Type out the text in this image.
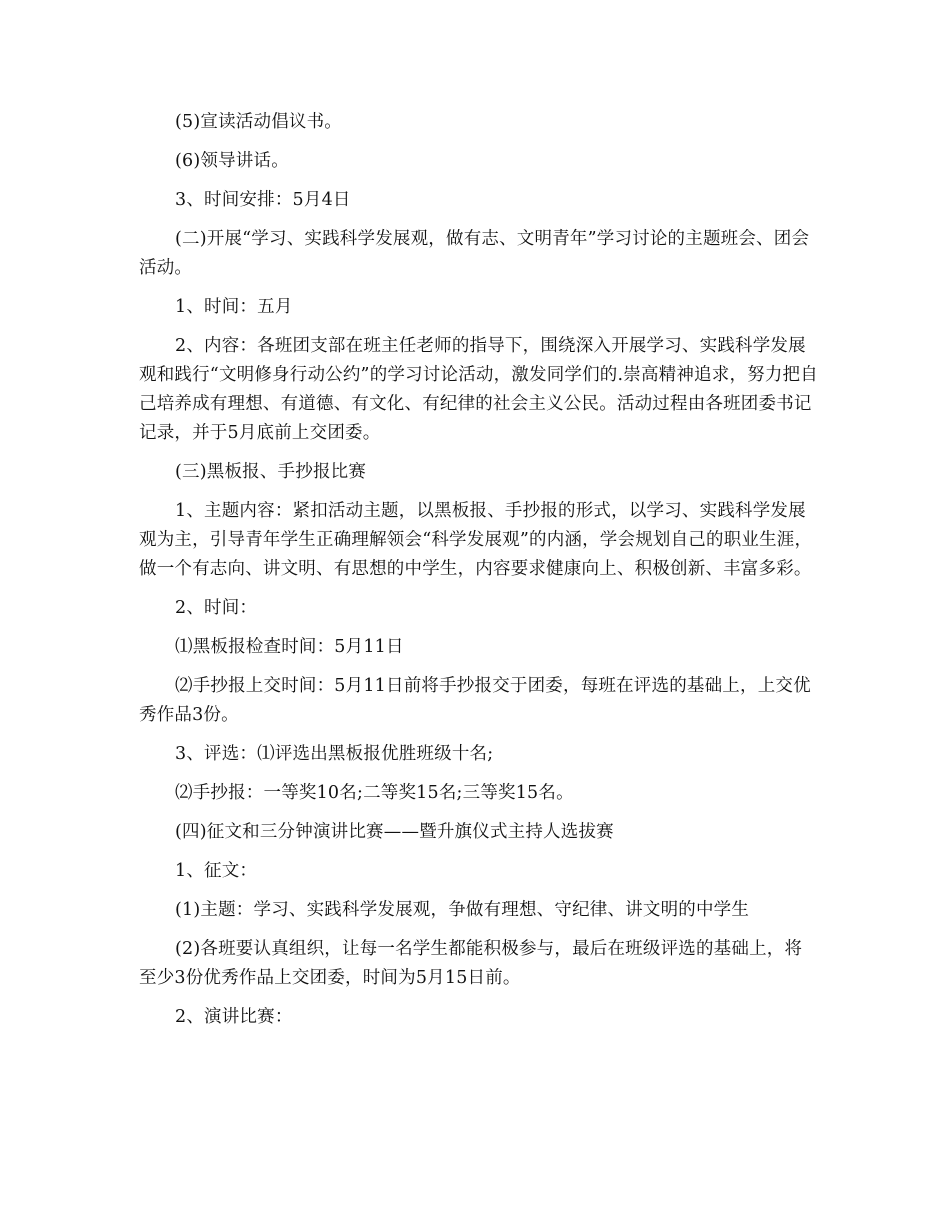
(5)宣读活动倡议书。

(6)领导讲话。

3、时间安排：5月4日

(二)开展“学习、实践科学发展观，做有志、文明青年”学习讨论的主题班会、团会活动。

1、时间：五月

2、内容：各班团支部在班主任老师的指导下，围绕深入开展学习、实践科学发展观和践行“文明修身行动公约”的学习讨论活动，激发同学们的.崇高精神追求，努力把自己培养成有理想、有道德、有文化、有纪律的社会主义公民。活动过程由各班团委书记记录，并于5月底前上交团委。

(三)黑板报、手抄报比赛

1、主题内容：紧扣活动主题，以黑板报、手抄报的形式，以学习、实践科学发展观为主，引导青年学生正确理解领会“科学发展观”的内涵，学会规划自己的职业生涯，做一个有志向、讲文明、有思想的中学生，内容要求健康向上、积极创新、丰富多彩。

2、时间：

⑴黑板报检查时间：5月11日

⑵手抄报上交时间：5月11日前将手抄报交于团委，每班在评选的基础上，上交优秀作品3份。

3、评选：⑴评选出黑板报优胜班级十名;

⑵手抄报：一等奖10名;二等奖15名;三等奖15名。

(四)征文和三分钟演讲比赛——暨升旗仪式主持人选拔赛

1、征文：

(1)主题：学习、实践科学发展观，争做有理想、守纪律、讲文明的中学生

(2)各班要认真组织，让每一名学生都能积极参与，最后在班级评选的基础上，将至少3份优秀作品上交团委，时间为5月15日前。

2、演讲比赛：
